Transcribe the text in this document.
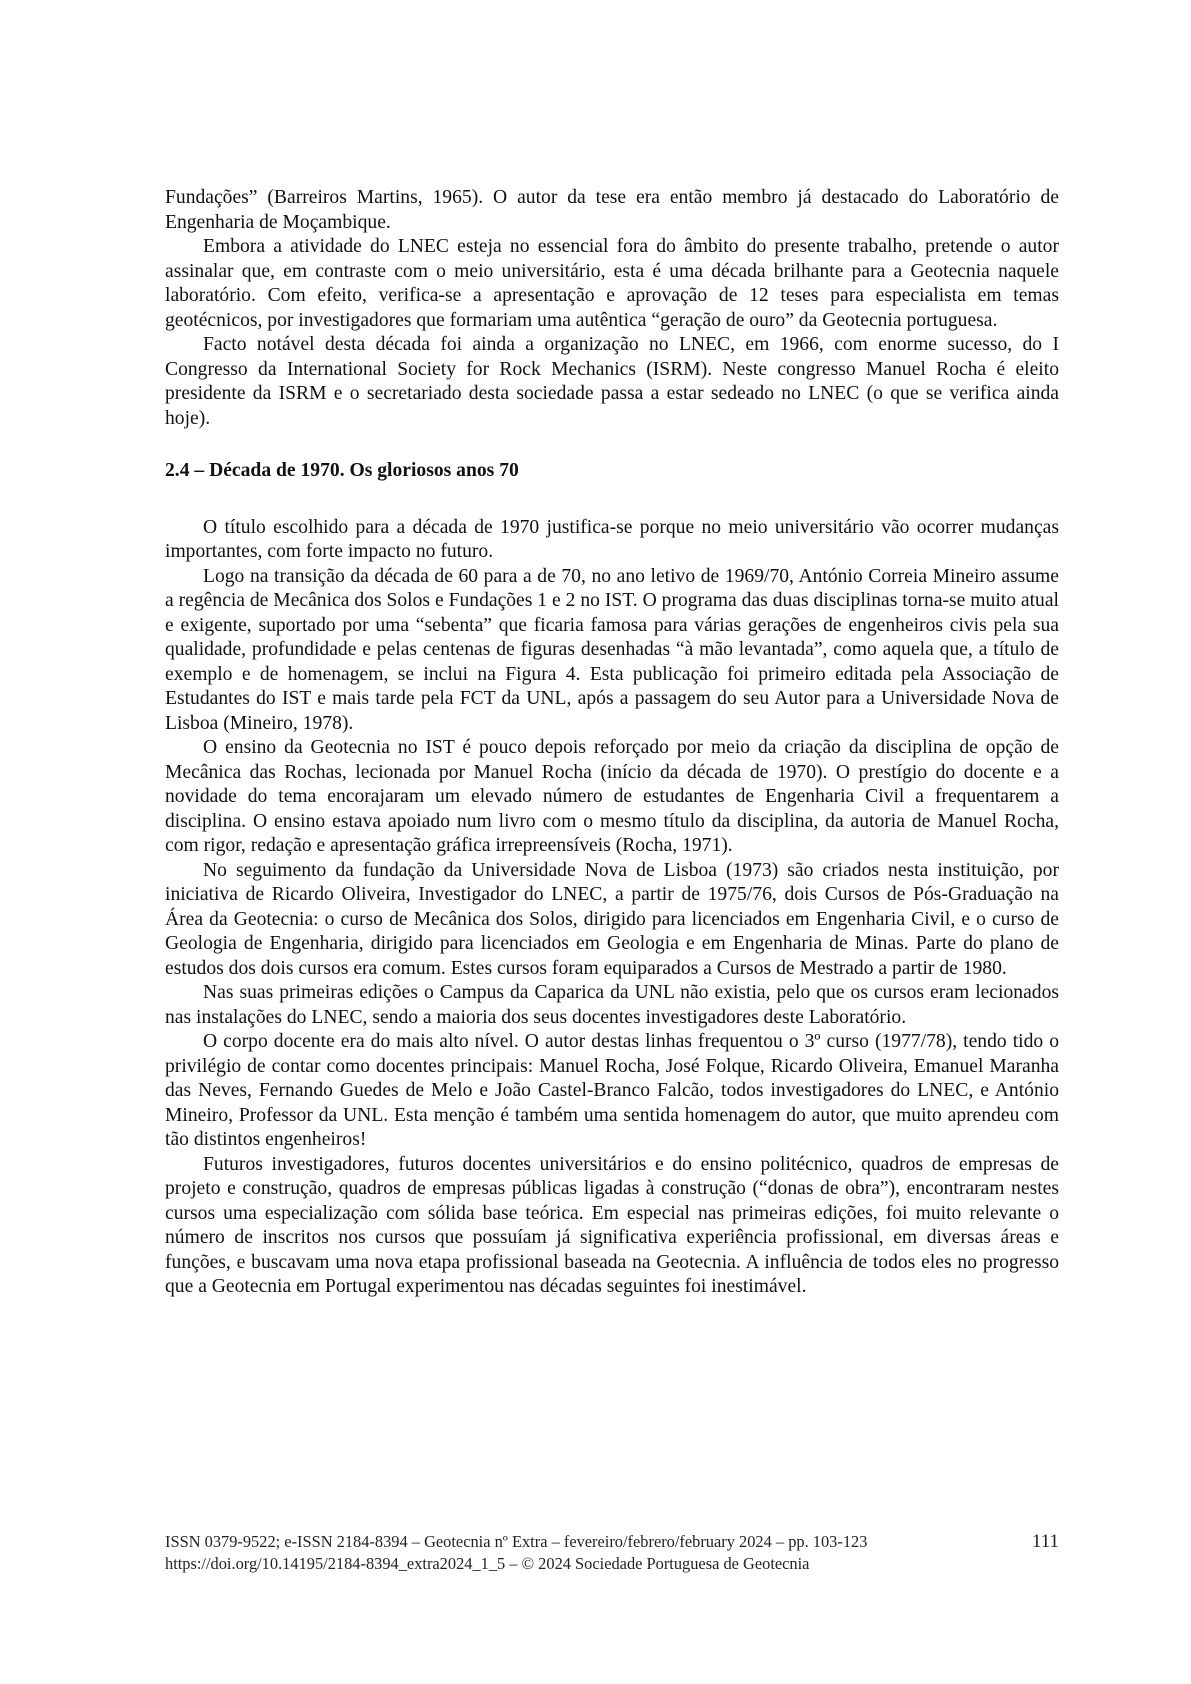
Fundações” (Barreiros Martins, 1965). O autor da tese era então membro já destacado do Laboratório de Engenharia de Moçambique.

Embora a atividade do LNEC esteja no essencial fora do âmbito do presente trabalho, pretende o autor assinalar que, em contraste com o meio universitário, esta é uma década brilhante para a Geotecnia naquele laboratório. Com efeito, verifica-se a apresentação e aprovação de 12 teses para especialista em temas geotécnicos, por investigadores que formariam uma autêntica “geração de ouro” da Geotecnia portuguesa.

Facto notável desta década foi ainda a organização no LNEC, em 1966, com enorme sucesso, do I Congresso da International Society for Rock Mechanics (ISRM). Neste congresso Manuel Rocha é eleito presidente da ISRM e o secretariado desta sociedade passa a estar sedeado no LNEC (o que se verifica ainda hoje).

2.4 – Década de 1970. Os gloriosos anos 70

O título escolhido para a década de 1970 justifica-se porque no meio universitário vão ocorrer mudanças importantes, com forte impacto no futuro.

Logo na transição da década de 60 para a de 70, no ano letivo de 1969/70, António Correia Mineiro assume a regência de Mecânica dos Solos e Fundações 1 e 2 no IST. O programa das duas disciplinas torna-se muito atual e exigente, suportado por uma “sebenta” que ficaria famosa para várias gerações de engenheiros civis pela sua qualidade, profundidade e pelas centenas de figuras desenhadas “à mão levantada”, como aquela que, a título de exemplo e de homenagem, se inclui na Figura 4. Esta publicação foi primeiro editada pela Associação de Estudantes do IST e mais tarde pela FCT da UNL, após a passagem do seu Autor para a Universidade Nova de Lisboa (Mineiro, 1978).

O ensino da Geotecnia no IST é pouco depois reforçado por meio da criação da disciplina de opção de Mecânica das Rochas, lecionada por Manuel Rocha (início da década de 1970). O prestígio do docente e a novidade do tema encorajaram um elevado número de estudantes de Engenharia Civil a frequentarem a disciplina. O ensino estava apoiado num livro com o mesmo título da disciplina, da autoria de Manuel Rocha, com rigor, redação e apresentação gráfica irrepreensíveis (Rocha, 1971).

No seguimento da fundação da Universidade Nova de Lisboa (1973) são criados nesta instituição, por iniciativa de Ricardo Oliveira, Investigador do LNEC, a partir de 1975/76, dois Cursos de Pós-Graduação na Área da Geotecnia: o curso de Mecânica dos Solos, dirigido para licenciados em Engenharia Civil, e o curso de Geologia de Engenharia, dirigido para licenciados em Geologia e em Engenharia de Minas. Parte do plano de estudos dos dois cursos era comum. Estes cursos foram equiparados a Cursos de Mestrado a partir de 1980.

Nas suas primeiras edições o Campus da Caparica da UNL não existia, pelo que os cursos eram lecionados nas instalações do LNEC, sendo a maioria dos seus docentes investigadores deste Laboratório.

O corpo docente era do mais alto nível. O autor destas linhas frequentou o 3º curso (1977/78), tendo tido o privilégio de contar como docentes principais: Manuel Rocha, José Folque, Ricardo Oliveira, Emanuel Maranha das Neves, Fernando Guedes de Melo e João Castel-Branco Falcão, todos investigadores do LNEC, e António Mineiro, Professor da UNL. Esta menção é também uma sentida homenagem do autor, que muito aprendeu com tão distintos engenheiros!

Futuros investigadores, futuros docentes universitários e do ensino politécnico, quadros de empresas de projeto e construção, quadros de empresas públicas ligadas à construção (“donas de obra”), encontraram nestes cursos uma especialização com sólida base teórica. Em especial nas primeiras edições, foi muito relevante o número de inscritos nos cursos que possuíam já significativa experiência profissional, em diversas áreas e funções, e buscavam uma nova etapa profissional baseada na Geotecnia. A influência de todos eles no progresso que a Geotecnia em Portugal experimentou nas décadas seguintes foi inestimável.

ISSN 0379-9522; e-ISSN 2184-8394 – Geotecnia nº Extra – fevereiro/febrero/february 2024 – pp. 103-123
https://doi.org/10.14195/2184-8394_extra2024_1_5 – © 2024 Sociedade Portuguesa de Geotecnia
111
